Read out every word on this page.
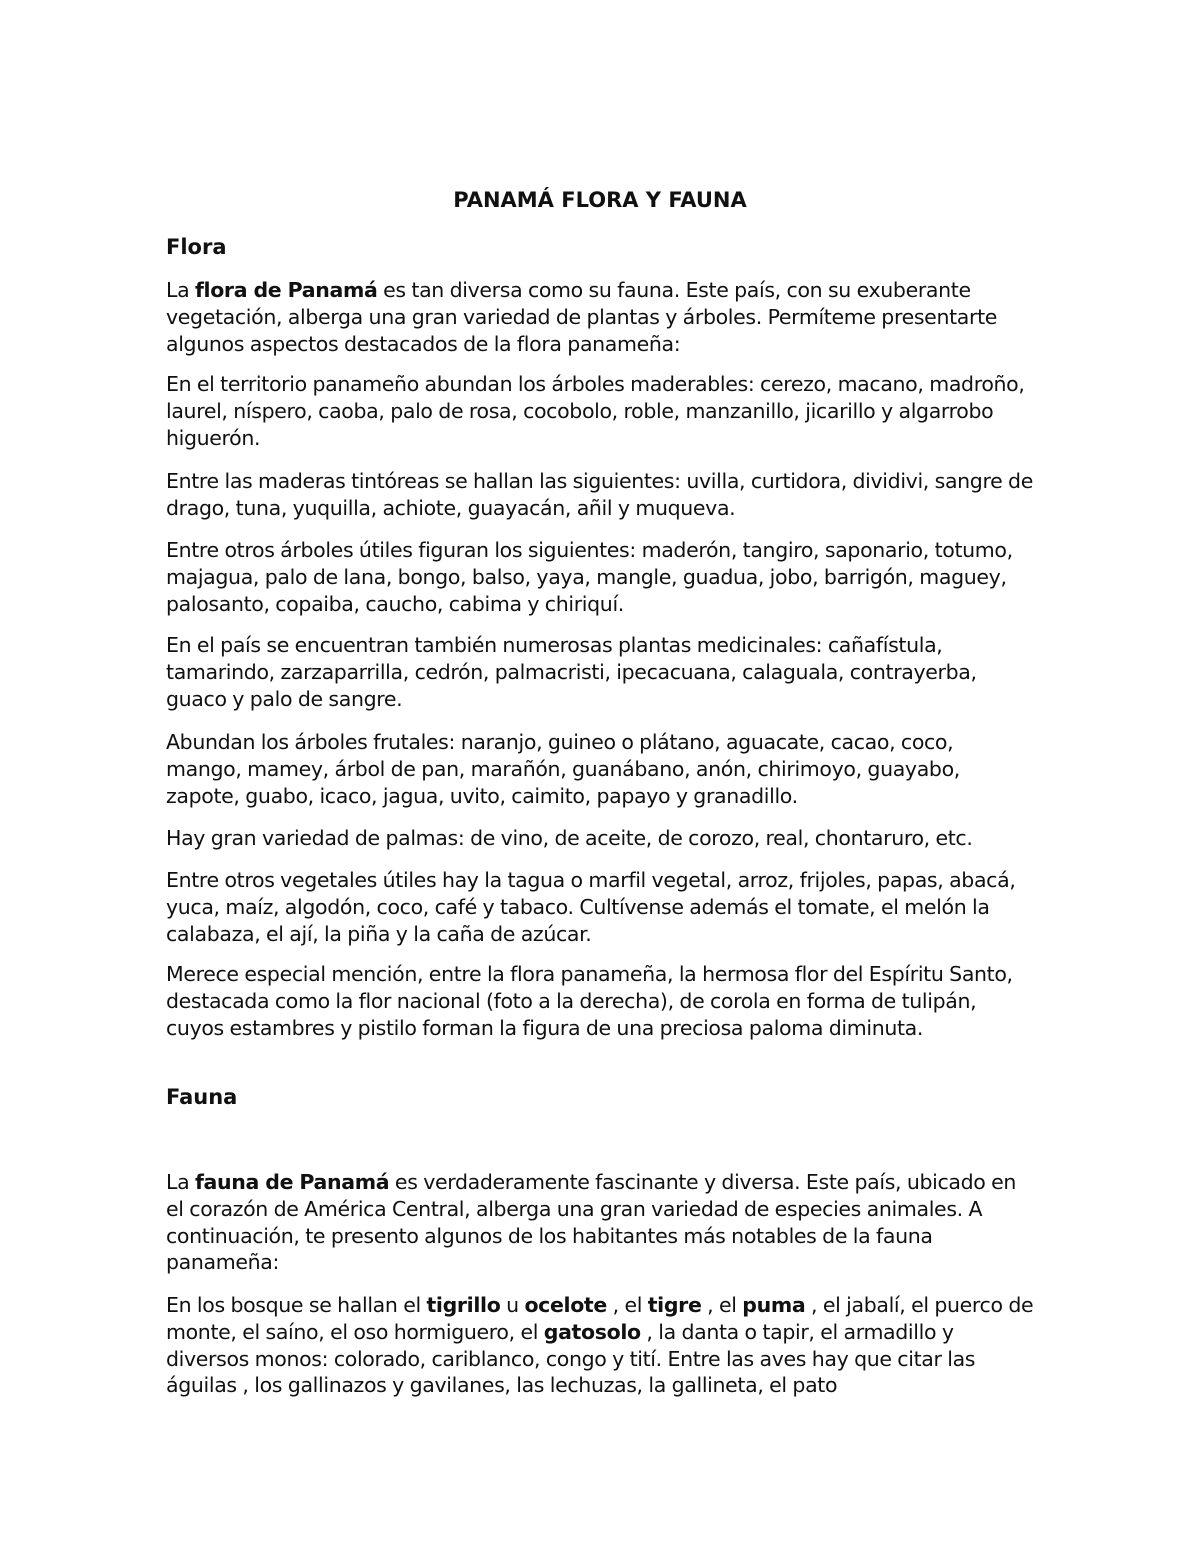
PANAMÁ FLORA Y FAUNA
Flora

La flora de Panamá es tan diversa como su fauna. Este país, con su exuberante vegetación, alberga una gran variedad de plantas y árboles. Permíteme presentarte algunos aspectos destacados de la flora panameña:

En el territorio panameño abundan los árboles maderables: cerezo, macano, madroño, laurel, níspero, caoba, palo de rosa, cocobolo, roble, manzanillo, jicarillo y algarrobo higuerón.

Entre las maderas tintóreas se hallan las siguientes: uvilla, curtidora, dividivi, sangre de drago, tuna, yuquilla, achiote, guayacán, añil y muqueva.

Entre otros árboles útiles figuran los siguientes: maderón, tangiro, saponario, totumo, majagua, palo de lana, bongo, balso, yaya, mangle, guadua, jobo, barrigón, maguey, palosanto, copaiba, caucho, cabima y chiriquí.

En el país se encuentran también numerosas plantas medicinales: cañafístula, tamarindo, zarzaparrilla, cedrón, palmacristi, ipecacuana, calaguala, contrayerba, guaco y palo de sangre.

Abundan los árboles frutales: naranjo, guineo o plátano, aguacate, cacao, coco, mango, mamey, árbol de pan, marañón, guanábano, anón, chirimoyo, guayabo, zapote, guabo, icaco, jagua, uvito, caimito, papayo y granadillo.

Hay gran variedad de palmas: de vino, de aceite, de corozo, real, chontaruro, etc.

Entre otros vegetales útiles hay la tagua o marfil vegetal, arroz, frijoles, papas, abacá, yuca, maíz, algodón, coco, café y tabaco. Cultívense además el tomate, el melón la calabaza, el ají, la piña y la caña de azúcar.

Merece especial mención, entre la flora panameña, la hermosa flor del Espíritu Santo, destacada como la flor nacional (foto a la derecha), de corola en forma de tulipán, cuyos estambres y pistilo forman la figura de una preciosa paloma diminuta.

Fauna

La fauna de Panamá es verdaderamente fascinante y diversa. Este país, ubicado en el corazón de América Central, alberga una gran variedad de especies animales. A continuación, te presento algunos de los habitantes más notables de la fauna panameña:

En los bosque se hallan el tigrillo u ocelote , el tigre , el puma , el jabalí, el puerco de monte, el saíno, el oso hormiguero, el gatosolo , la danta o tapir, el armadillo y diversos monos: colorado, cariblanco, congo y tití. Entre las aves hay que citar las águilas , los gallinazos y gavilanes, las lechuzas, la gallineta, el pato
